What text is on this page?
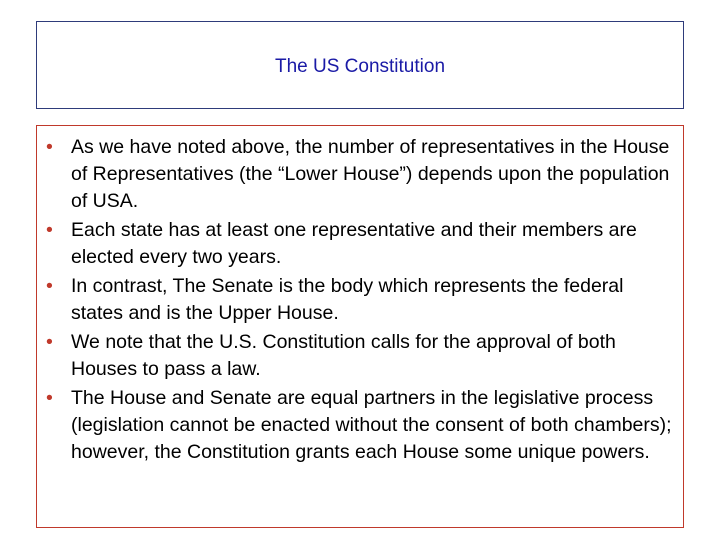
The US Constitution
• As we have noted above, the number of representatives in the House of Representatives (the “Lower House”) depends upon the population of USA.
• Each state has at least one representative and their members are elected every two years.
• In contrast, The Senate is the body which represents the federal states and is the Upper House.
• We note that the U.S. Constitution calls for the approval of both Houses to pass a law.
• The House and Senate are equal partners in the legislative process (legislation cannot be enacted without the consent of both chambers); however, the Constitution grants each House some unique powers.
